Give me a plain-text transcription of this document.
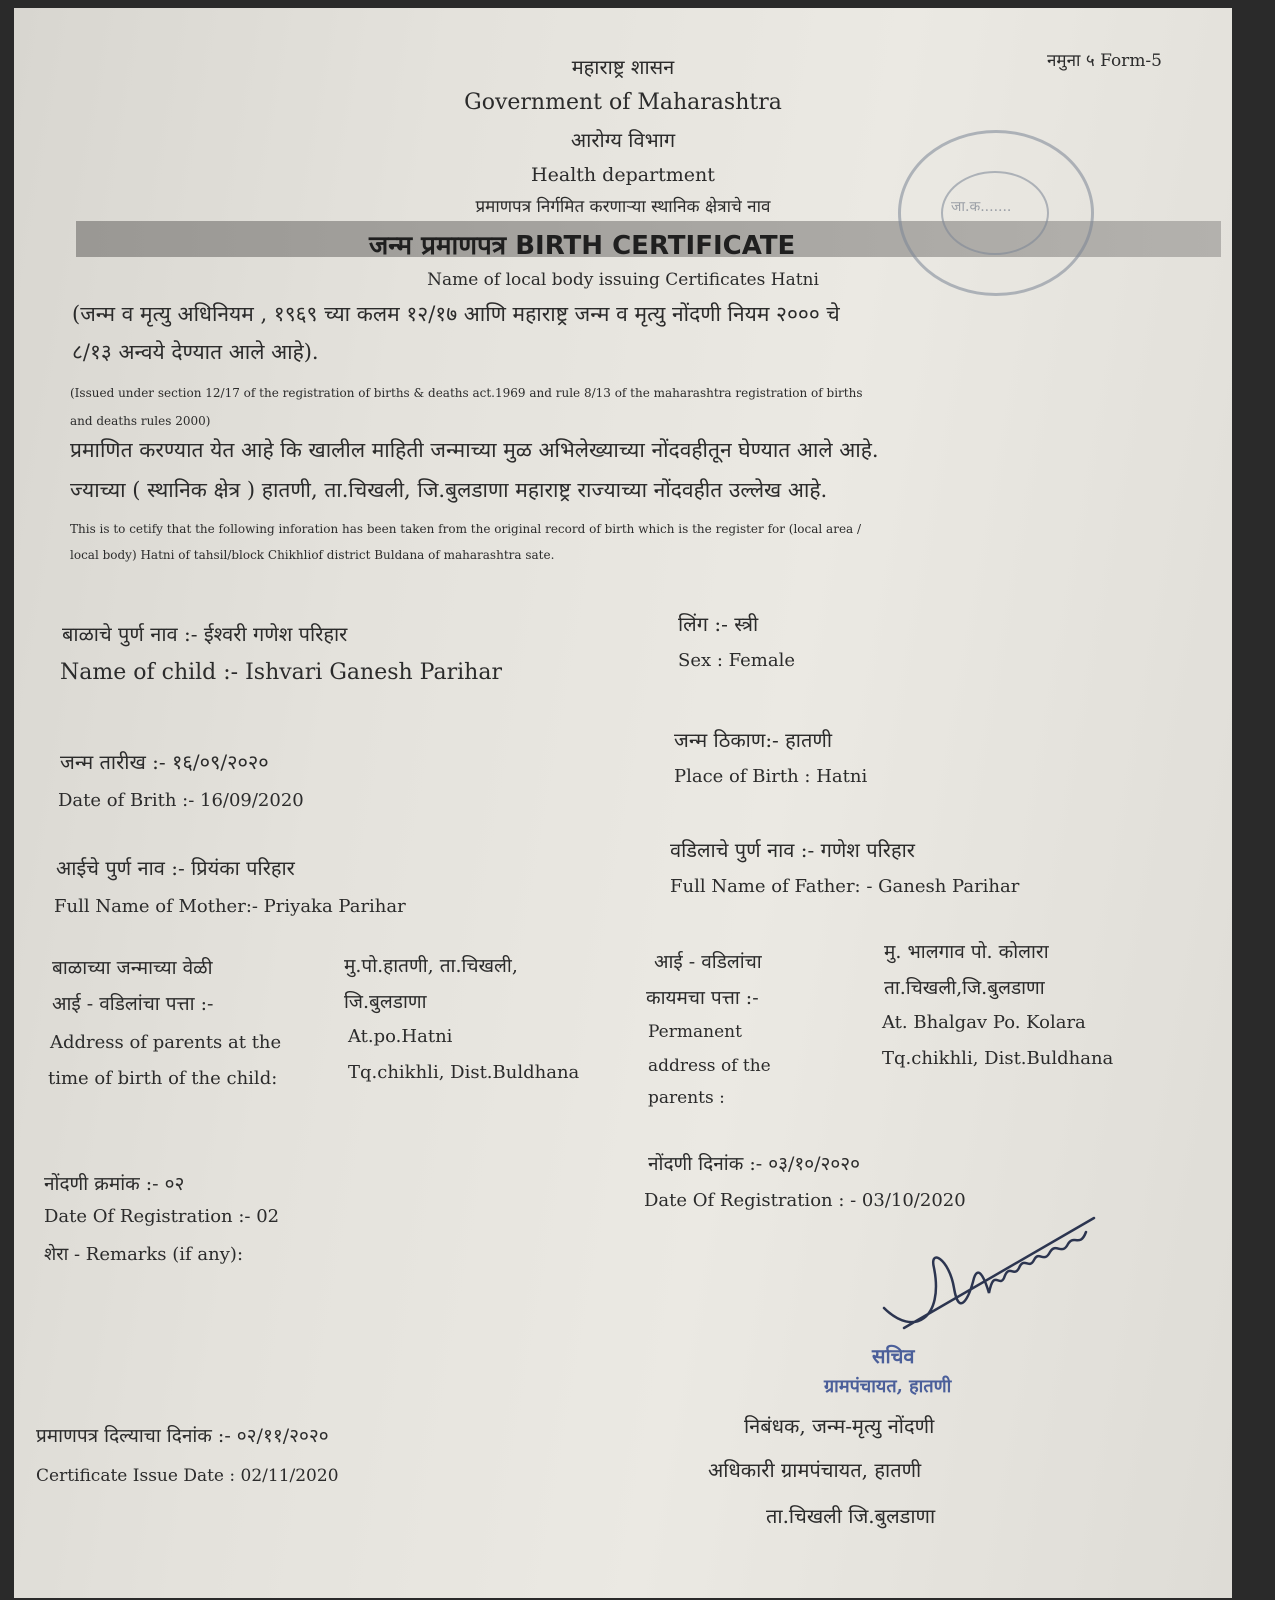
नमुना ५ Form-5
महाराष्ट्र शासन
Government of Maharashtra
आरोग्य विभाग
Health department
प्रमाणपत्र निर्गमित करणाऱ्या स्थानिक क्षेत्राचे नाव
जन्म प्रमाणपत्र BIRTH CERTIFICATE
जा.क.......
Name of local body issuing Certificates Hatni
(जन्म व मृत्यु अधिनियम , १९६९ च्या कलम १२/१७ आणि महाराष्ट्र जन्म व मृत्यु नोंदणी नियम २००० चे
८/१३ अन्वये देण्यात आले आहे).
(Issued under section 12/17 of the registration of births & deaths act.1969 and rule 8/13 of the maharashtra registration of births
and deaths rules 2000)
प्रमाणित करण्यात येत आहे कि खालील माहिती जन्माच्या मुळ अभिलेख्याच्या नोंदवहीतून घेण्यात आले आहे.
ज्याच्या ( स्थानिक क्षेत्र ) हातणी, ता.चिखली, जि.बुलडाणा महाराष्ट्र राज्याच्या नोंदवहीत उल्लेख आहे.
This is to cetify that the following inforation has been taken from the original record of birth which is the register for (local area /
local body) Hatni of tahsil/block Chikhliof district Buldana of maharashtra sate.
बाळाचे पुर्ण नाव :- ईश्वरी गणेश परिहार
Name of child :- Ishvari Ganesh Parihar
लिंग :- स्त्री
Sex : Female
जन्म तारीख :- १६/०९/२०२०
Date of Brith :- 16/09/2020
जन्म ठिकाण:- हातणी
Place of Birth : Hatni
आईचे पुर्ण नाव :- प्रियंका परिहार
Full Name of Mother:- Priyaka Parihar
वडिलाचे पुर्ण नाव :- गणेश परिहार
Full Name of Father: - Ganesh Parihar
बाळाच्या जन्माच्या वेळी
आई - वडिलांचा पत्ता :-
Address of parents at the
time of birth of the child:
मु.पो.हातणी, ता.चिखली,
जि.बुलडाणा
At.po.Hatni
Tq.chikhli, Dist.Buldhana
आई - वडिलांचा
कायमचा पत्ता :-
Permanent
address of the
parents :
मु. भालगाव पो. कोलारा
ता.चिखली,जि.बुलडाणा
At. Bhalgav Po. Kolara
Tq.chikhli, Dist.Buldhana
नोंदणी दिनांक :- ०३/१०/२०२०
Date Of Registration : - 03/10/2020
नोंदणी क्रमांक :- ०२
Date Of Registration :- 02
शेरा - Remarks (if any):
सचिव
ग्रामपंचायत, हातणी
निबंधक, जन्म-मृत्यु नोंदणी
अधिकारी ग्रामपंचायत, हातणी
ता.चिखली जि.बुलडाणा
प्रमाणपत्र दिल्याचा दिनांक :- ०२/११/२०२०
Certificate Issue Date : 02/11/2020
